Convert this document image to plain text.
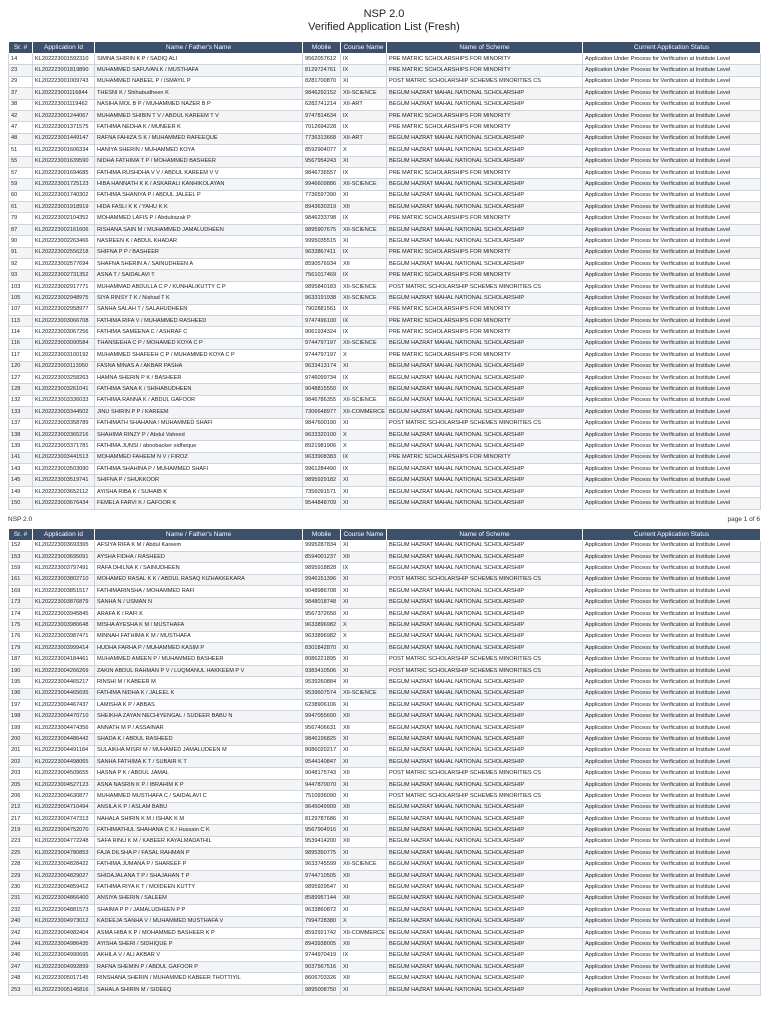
NSP 2.0
Verified Application List (Fresh)
Sr. #	Application Id	Name / Father's Name	Mobile	Course Name	Name of Scheme	Current Application Status
14	KL202223001592310	SIMNA SHIRIN K P / SADIQ ALI	9562057612	IX	PRE MATRIC SCHOLARSHIPS FOR MINORITY	Application Under Process for Verification at Institute Level
23	KL202223001819890	MUHAMMED SAFUVAN.K / MUSTHAFA	8129724761	IX	PRE MATRIC SCHOLARSHIPS FOR MINORITY	Application Under Process for Verification at Institute Level
29	KL202223001009743	MUHAMMED NABEEL P / ISMAYIL P	8281700870	XI	POST MATRIC SCHOLARSHIP SCHEMES MINORITIES CS	Application Under Process for Verification at Institute Level
37	KL202223001116844	THESNI K / Shihabudheen K	9846292152	XII-SCIENCE	BEGUM HAZRAT MAHAL NATIONAL SCHOLARSHIP	Application Under Process for Verification at Institute Level
38	KL202223001119462	NASIHA MOL B P / MUHAMMED NAZER B P	6282741214	XII-ART	BEGUM HAZRAT MAHAL NATIONAL SCHOLARSHIP	Application Under Process for Verification at Institute Level
42	KL202223001244067	MUHAMMED SHIBIN T V / ABDUL KAREEM T V	9747814634	IX	PRE MATRIC SCHOLARSHIPS FOR MINORITY	Application Under Process for Verification at Institute Level
47	KL202223001371575	FATHIMA NEDHA K / MUNEER K	7012694228	IX	PRE MATRIC SCHOLARSHIPS FOR MINORITY	Application Under Process for Verification at Institute Level
48	KL202223001449147	RAFNA FAHIZA S K / MUHAMMED RAFEEQUE	7736313668	XII-ART	BEGUM HAZRAT MAHAL NATIONAL SCHOLARSHIP	Application Under Process for Verification at Institute Level
51	KL202223001606334	HANIYA SHERIN / MUHAMMED KOYA	8592904077	X	BEGUM HAZRAT MAHAL NATIONAL SCHOLARSHIP	Application Under Process for Verification at Institute Level
55	KL202223001639590	NIDHA FATHIMA T P / MOHAMMED BASHEER	9567954243	XI	BEGUM HAZRAT MAHAL NATIONAL SCHOLARSHIP	Application Under Process for Verification at Institute Level
57	KL202223001694685	FATHIMA RUSHDHA V V / ABDUL KAREEM V V	9846736557	IX	PRE MATRIC SCHOLARSHIPS FOR MINORITY	Application Under Process for Verification at Institute Level
59	KL202223001725123	HIBA HANNATH K K / ASKARALI KANHIKOLAYAN	9946609886	XII-SCIENCE	BEGUM HAZRAT MAHAL NATIONAL SCHOLARSHIP	Application Under Process for Verification at Institute Level
60	KL202223001740302	FATHIMA SHANIYA P / ABDUL JALEEL P	7736597390	XI	BEGUM HAZRAT MAHAL NATIONAL SCHOLARSHIP	Application Under Process for Verification at Institute Level
61	KL202223001918919	HIDA FASLI K K / YAHU K K	8943630319	XII	BEGUM HAZRAT MAHAL NATIONAL SCHOLARSHIP	Application Under Process for Verification at Institute Level
79	KL202223002104352	MOHAMMED LAFIS P / Abdulrazak P	9846233798	IX	PRE MATRIC SCHOLARSHIPS FOR MINORITY	Application Under Process for Verification at Institute Level
87	KL202223002161606	RISHANA SAIN M / MUHAMMED JAMALUDHEEN	9895907675	XII-SCIENCE	BEGUM HAZRAT MAHAL NATIONAL SCHOLARSHIP	Application Under Process for Verification at Institute Level
90	KL202223002263466	NASREEN K / ABDUL KHADAR	9995035515	XI	BEGUM HAZRAT MAHAL NATIONAL SCHOLARSHIP	Application Under Process for Verification at Institute Level
91	KL202223002556218	SHIFNA P P / BASHEER	9633867411	IX	PRE MATRIC SCHOLARSHIPS FOR MINORITY	Application Under Process for Verification at Institute Level
92	KL202223002577694	SHAFNA SHERIN A / SAINUDHEEN A	8590576934	XII	BEGUM HAZRAT MAHAL NATIONAL SCHOLARSHIP	Application Under Process for Verification at Institute Level
93	KL202223002731352	ASNA T / SAIDALAVI T	7561017469	IX	PRE MATRIC SCHOLARSHIPS FOR MINORITY	Application Under Process for Verification at Institute Level
103	KL202223002917771	MUHAMMAD ABDULLA C P / KUNHALIKUTTY C P	9895840183	XII-SCIENCE	POST MATRIC SCHOLARSHIP SCHEMES MINORITIES CS	Application Under Process for Verification at Institute Level
105	KL202223002948975	SIYA RINSY T K / Nishad T K	9633191938	XII-SCIENCE	BEGUM HAZRAT MAHAL NATIONAL SCHOLARSHIP	Application Under Process for Verification at Institute Level
107	KL202223002958977	SANHA SALAH T / SALAHUDHEEN	7902881561	IX	PRE MATRIC SCHOLARSHIPS FOR MINORITY	Application Under Process for Verification at Institute Level
113	KL202223003066708	FATHIMA RIFA V / MUHAMMED RASHEED	9747496100	IX	PRE MATRIC SCHOLARSHIPS FOR MINORITY	Application Under Process for Verification at Institute Level
114	KL202223003067256	FATHIMA SAMEENA C / ASHRAF C	9061934324	IX	PRE MATRIC SCHOLARSHIPS FOR MINORITY	Application Under Process for Verification at Institute Level
116	KL202223003090584	THANSEEHA C P / MOHAMED KOYA C P	9744797197	XII-SCIENCE	BEGUM HAZRAT MAHAL NATIONAL SCHOLARSHIP	Application Under Process for Verification at Institute Level
117	KL202223003100192	MUHAMMED SHAFEEH C P / MUHAMMED KOYA C P	9744797197	X	PRE MATRIC SCHOLARSHIPS FOR MINORITY	Application Under Process for Verification at Institute Level
120	KL202223003113950	FASNA MINAS A / AKBAR PASHA	9633413174	XI	BEGUM HAZRAT MAHAL NATIONAL SCHOLARSHIP	Application Under Process for Verification at Institute Level
127	KL202223003258263	HAMNA SHERIN P K / BASHEER	9746099734	IX	BEGUM HAZRAT MAHAL NATIONAL SCHOLARSHIP	Application Under Process for Verification at Institute Level
128	KL202223003261041	FATHIMA SANA K / SHIHABUDHEEN	9048815550	IX	BEGUM HAZRAT MAHAL NATIONAL SCHOLARSHIP	Application Under Process for Verification at Institute Level
132	KL202223003336033	FATHIMA RANNA K / ABDUL GAFOOR	9846786355	XII-SCIENCE	BEGUM HAZRAT MAHAL NATIONAL SCHOLARSHIP	Application Under Process for Verification at Institute Level
133	KL202223003344502	JINU SHIRIN P P / KAREEM	7306648977	XII-COMMERCE	BEGUM HAZRAT MAHAL NATIONAL SCHOLARSHIP	Application Under Process for Verification at Institute Level
137	KL202223003358789	FATHIMATH SHAHANA / MUHAMMED SHAFI	9847600190	XI	POST MATRIC SCHOLARSHIP SCHEMES MINORITIES CS	Application Under Process for Verification at Institute Level
138	KL202223003365216	SHAHIMA RINZY P / Abdul Vaheed	9633320100	X	BEGUM HAZRAT MAHAL NATIONAL SCHOLARSHIP	Application Under Process for Verification at Institute Level
139	KL202223003371781	FATHIMA JUNSI / aboobacker sidheque	8921981906	X	BEGUM HAZRAT MAHAL NATIONAL SCHOLARSHIP	Application Under Process for Verification at Institute Level
141	KL202223003441513	MOHAMMED FAHEEM N V / FIROZ	9633908383	IX	PRE MATRIC SCHOLARSHIPS FOR MINORITY	Application Under Process for Verification at Institute Level
143	KL202223003503090	FATHIMA SHAHINA P / MUHAMMED SHAFI	9961284490	IX	BEGUM HAZRAT MAHAL NATIONAL SCHOLARSHIP	Application Under Process for Verification at Institute Level
145	KL202223003519741	SHIFNA P / SHUKKOOR	9895929182	XI	BEGUM HAZRAT MAHAL NATIONAL SCHOLARSHIP	Application Under Process for Verification at Institute Level
149	KL202223003652112	AYISHA RIBA K / SUHAIB K	7356091571	XI	BEGUM HAZRAT MAHAL NATIONAL SCHOLARSHIP	Application Under Process for Verification at Institute Level
150	KL202223003676434	FEMELA FARVI K / GAFOOR K	9544848709	XI	BEGUM HAZRAT MAHAL NATIONAL SCHOLARSHIP	Application Under Process for Verification at Institute Level
NSP 2.0	page 1 of 6
Sr. #	Application Id	Name / Father's Name	Mobile	Course Name	Name of Scheme	Current Application Status
152	KL202223003693365	AFSIYA RIFA K M / Abdul Kareem	9995287834	XI	BEGUM HAZRAT MAHAL NATIONAL SCHOLARSHIP	Application Under Process for Verification at Institute Level
153	KL202223003695091	AYSHA FIDHA / RASHEED	8594001237	XII	BEGUM HAZRAT MAHAL NATIONAL SCHOLARSHIP	Application Under Process for Verification at Institute Level
159	KL202223003797491	RAFA DHILNA K / SAINUDHEEN	9895918828	IX	BEGUM HAZRAT MAHAL NATIONAL SCHOLARSHIP	Application Under Process for Verification at Institute Level
161	KL202223003802710	MOHAMED RASAL K K / ABDUL RASAQ KIZHAKKEKARA	9946151396	XI	POST MATRIC SCHOLARSHIP SCHEMES MINORITIES CS	Application Under Process for Verification at Institute Level
169	KL202223003851517	FATHIMARINSHA / MOHAMMED RAFI	9048986708	XI	BEGUM HAZRAT MAHAL NATIONAL SCHOLARSHIP	Application Under Process for Verification at Institute Level
173	KL202223003876879	SANHA N / USMAN N	9848018748	XI	BEGUM HAZRAT MAHAL NATIONAL SCHOLARSHIP	Application Under Process for Verification at Institute Level
174	KL202223003945845	ARAFA K / RAFI K	9567372650	XI	BEGUM HAZRAT MAHAL NATIONAL SCHOLARSHIP	Application Under Process for Verification at Institute Level
175	KL202223003980648	MISHA AYESHA K M / MUSTHAFA	9633896982	X	BEGUM HAZRAT MAHAL NATIONAL SCHOLARSHIP	Application Under Process for Verification at Institute Level
176	KL202223003987471	MINNAH FATHIMA K M / MUSTHAFA	9633896982	X	BEGUM HAZRAT MAHAL NATIONAL SCHOLARSHIP	Application Under Process for Verification at Institute Level
179	KL202223003999414	HUDHA FARHA P / MUHAMMED KASIM P	8301842870	XI	BEGUM HAZRAT MAHAL NATIONAL SCHOLARSHIP	Application Under Process for Verification at Institute Level
187	KL202223004184461	MUHAMMED AMEEN P / MUHAMMED BASHEER	8086221895	XI	POST MATRIC SCHOLARSHIP SCHEMES MINORITIES CS	Application Under Process for Verification at Institute Level
190	KL202223004266269	ZAKIN ABDUL RAHMAN P V / LUQMANUL HAKKEEM P V	9383410506	XI	POST MATRIC SCHOLARSHIP SCHEMES MINORITIES CS	Application Under Process for Verification at Institute Level
195	KL202223004465217	RINSHI M / KABEER M	9539260884	XI	BEGUM HAZRAT MAHAL NATIONAL SCHOLARSHIP	Application Under Process for Verification at Institute Level
196	KL202223004465695	FATHIMA NIDHA K / JALEEL K	9539607574	XII-SCIENCE	BEGUM HAZRAT MAHAL NATIONAL SCHOLARSHIP	Application Under Process for Verification at Institute Level
197	KL202223004467437	LAMISHA K P / ABBAS	6238906106	XI	BEGUM HAZRAT MAHAL NATIONAL SCHOLARSHIP	Application Under Process for Verification at Institute Level
198	KL202223004470710	SHEIKHA ZAYAN NECHIYENGAL / SUDEER BABU N	9947055600	XII	BEGUM HAZRAT MAHAL NATIONAL SCHOLARSHIP	Application Under Process for Verification at Institute Level
199	KL202223004474356	ANNATH M P / ASSAINAR	9567406631	XII	BEGUM HAZRAT MAHAL NATIONAL SCHOLARSHIP	Application Under Process for Verification at Institute Level
200	KL202223004486442	SHADA K / ABDUL RASHEED	9846196825	XI	BEGUM HAZRAT MAHAL NATIONAL SCHOLARSHIP	Application Under Process for Verification at Institute Level
201	KL202223004491184	SULAIKHA MISRI M / MUHAMED JAMALUDEEN M	8086020217	XI	BEGUM HAZRAT MAHAL NATIONAL SCHOLARSHIP	Application Under Process for Verification at Institute Level
202	KL202223004498065	SANHA FATHIMA K T / SUBAIR K T	9544140847	XI	BEGUM HAZRAT MAHAL NATIONAL SCHOLARSHIP	Application Under Process for Verification at Institute Level
203	KL202223004509655	HASNA P K / ABDUL JAMAL	9048175743	XII	POST MATRIC SCHOLARSHIP SCHEMES MINORITIES CS	Application Under Process for Verification at Institute Level
205	KL202223004527123	ASNA NASRIN K P / IBRAHIM K P	9447870070	XI	BEGUM HAZRAT MAHAL NATIONAL SCHOLARSHIP	Application Under Process for Verification at Institute Level
206	KL202223004630877	MUHAMMED MUSTHAFA C / SAIDALAVI C	7510936090	XI	POST MATRIC SCHOLARSHIP SCHEMES MINORITIES CS	Application Under Process for Verification at Institute Level
212	KL202223004710494	ANSILA K P / ASLAM BABU	9645049909	XII	BEGUM HAZRAT MAHAL NATIONAL SCHOLARSHIP	Application Under Process for Verification at Institute Level
217	KL202223004747313	NAHALA SHIRIN K M / ISHAK K M	8129787686	XI	BEGUM HAZRAT MAHAL NATIONAL SCHOLARSHIP	Application Under Process for Verification at Institute Level
219	KL202223004752070	FATHIMATHUL SHAHANA C K / Hussain C K	9567904916	XI	BEGUM HAZRAT MAHAL NATIONAL SCHOLARSHIP	Application Under Process for Verification at Institute Level
223	KL202223004772248	SAFA RINU K M / KABEER KAYALMADATHIL	9539414200	XII	BEGUM HAZRAT MAHAL NATIONAL SCHOLARSHIP	Application Under Process for Verification at Institute Level
225	KL202223004780853	FAJA DILSHA P / FASAL RAHMAN P	9895350775	XI	BEGUM HAZRAT MAHAL NATIONAL SCHOLARSHIP	Application Under Process for Verification at Institute Level
228	KL202223004828422	FATHIMA JUMANA P / SHAREEF P	9633745599	XII-SCIENCE	BEGUM HAZRAT MAHAL NATIONAL SCHOLARSHIP	Application Under Process for Verification at Institute Level
229	KL202223004829027	SHIDAJALANA T P / SHAJAHAN T P	9744710505	XII	BEGUM HAZRAT MAHAL NATIONAL SCHOLARSHIP	Application Under Process for Verification at Institute Level
230	KL202223004859412	FATHIMA RIYA K T / MOIDEEN KUTTY	9895929547	XI	BEGUM HAZRAT MAHAL NATIONAL SCHOLARSHIP	Application Under Process for Verification at Institute Level
231	KL202223004866400	ANSIYA SHERIN / SALEEM	8589957144	XII	BEGUM HAZRAT MAHAL NATIONAL SCHOLARSHIP	Application Under Process for Verification at Institute Level
232	KL202223004881573	SHAIMA P P / JAMALUDHEEN P P	9633860872	XI	BEGUM HAZRAT MAHAL NATIONAL SCHOLARSHIP	Application Under Process for Verification at Institute Level
240	KL202223004973012	KADEEJA SANHA V / MUHAMMED MUSTHAFA V	7994728380	X	BEGUM HAZRAT MAHAL NATIONAL SCHOLARSHIP	Application Under Process for Verification at Institute Level
242	KL202223004982404	ASMA HIBA K P / MOHAMMED BASHEER K P	8592921742	XII-COMMERCE	BEGUM HAZRAT MAHAL NATIONAL SCHOLARSHIP	Application Under Process for Verification at Institute Level
244	KL202223004986435	AYISHA SHERI / SIDHIQUE P	8943938005	XII	BEGUM HAZRAT MAHAL NATIONAL SCHOLARSHIP	Application Under Process for Verification at Institute Level
246	KL202223004990695	AKHILA V / ALI AKBAR V	9744970419	IX	BEGUM HAZRAT MAHAL NATIONAL SCHOLARSHIP	Application Under Process for Verification at Institute Level
247	KL202223004992899	RAFNA SHEMIN P / ABDUL GAFOOR P	9037567516	XI	BEGUM HAZRAT MAHAL NATIONAL SCHOLARSHIP	Application Under Process for Verification at Institute Level
248	KL202223005017145	RINSHANA SHERIN / MUHAMMED KABEER THOTTIYIL	8606703326	XII	BEGUM HAZRAT MAHAL NATIONAL SCHOLARSHIP	Application Under Process for Verification at Institute Level
253	KL202223005146816	SAHALA SHIRIN M / SIDEEQ	9895008750	XI	BEGUM HAZRAT MAHAL NATIONAL SCHOLARSHIP	Application Under Process for Verification at Institute Level
